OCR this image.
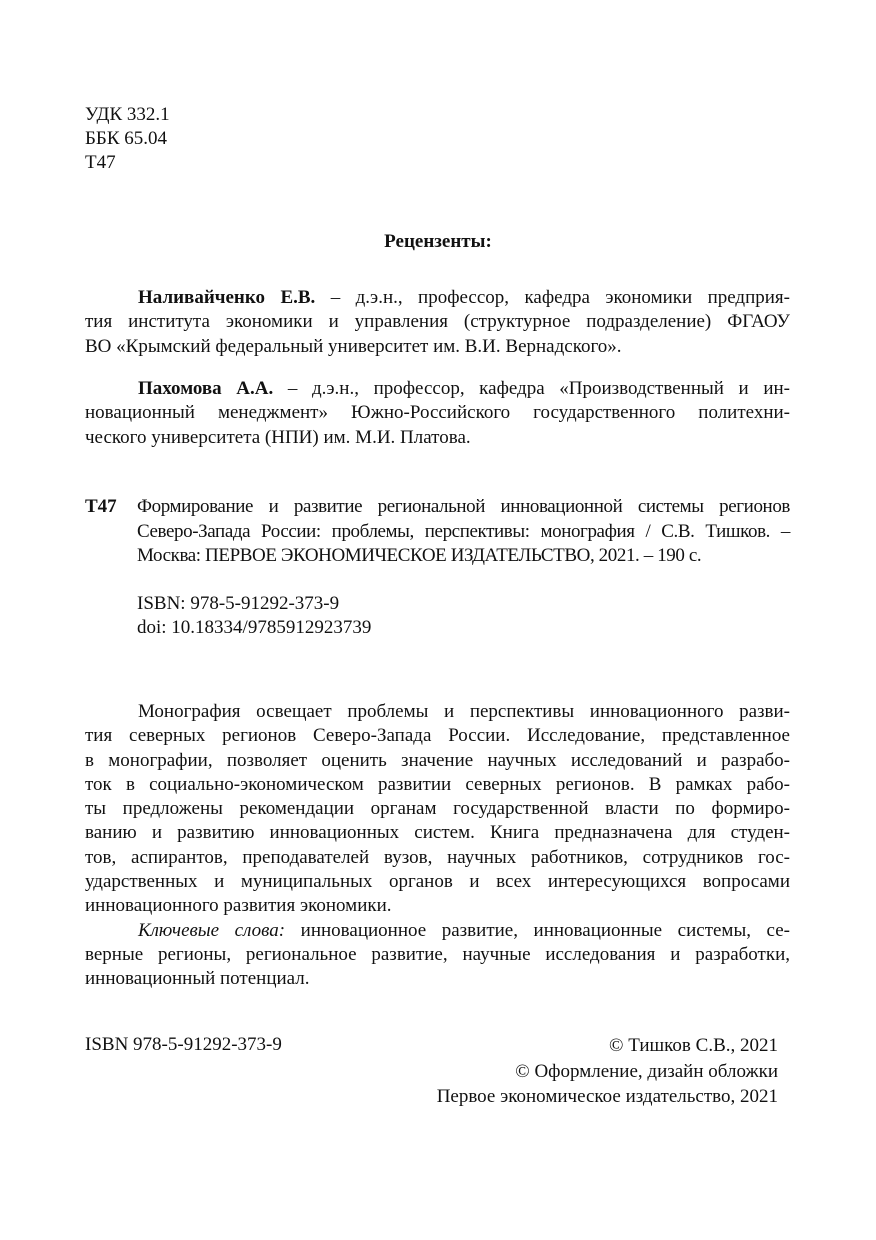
УДК 332.1
ББК 65.04
Т47
Рецензенты:
Наливайченко Е.В. – д.э.н., профессор, кафедра экономики предприя-
тия института экономики и управления (структурное подразделение) ФГАОУ
ВО «Крымский федеральный университет им. В.И. Вернадского».
Пахомова А.А. – д.э.н., профессор, кафедра «Производственный и ин-
новационный менеджмент» Южно-Российского государственного политехни-
ческого университета (НПИ) им. М.И. Платова.
Т47 Формирование и развитие региональной инновационной системы регионов
Северо-Запада России: проблемы, перспективы: монография / С.В. Тишков. –
Москва: ПЕРВОЕ ЭКОНОМИЧЕСКОЕ ИЗДАТЕЛЬСТВО, 2021. – 190 с.
ISBN: 978-5-91292-373-9
doi: 10.18334/9785912923739
Монография освещает проблемы и перспективы инновационного разви-
тия северных регионов Северо-Запада России. Исследование, представленное
в монографии, позволяет оценить значение научных исследований и разрабо-
ток в социально-экономическом развитии северных регионов. В рамках рабо-
ты предложены рекомендации органам государственной власти по формиро-
ванию и развитию инновационных систем. Книга предназначена для студен-
тов, аспирантов, преподавателей вузов, научных работников, сотрудников гос-
ударственных и муниципальных органов и всех интересующихся вопросами
инновационного развития экономики.
Ключевые слова: инновационное развитие, инновационные системы, се-
верные регионы, региональное развитие, научные исследования и разработки,
инновационный потенциал.
ISBN 978-5-91292-373-9	© Тишков С.В., 2021
© Оформление, дизайн обложки
Первое экономическое издательство, 2021
